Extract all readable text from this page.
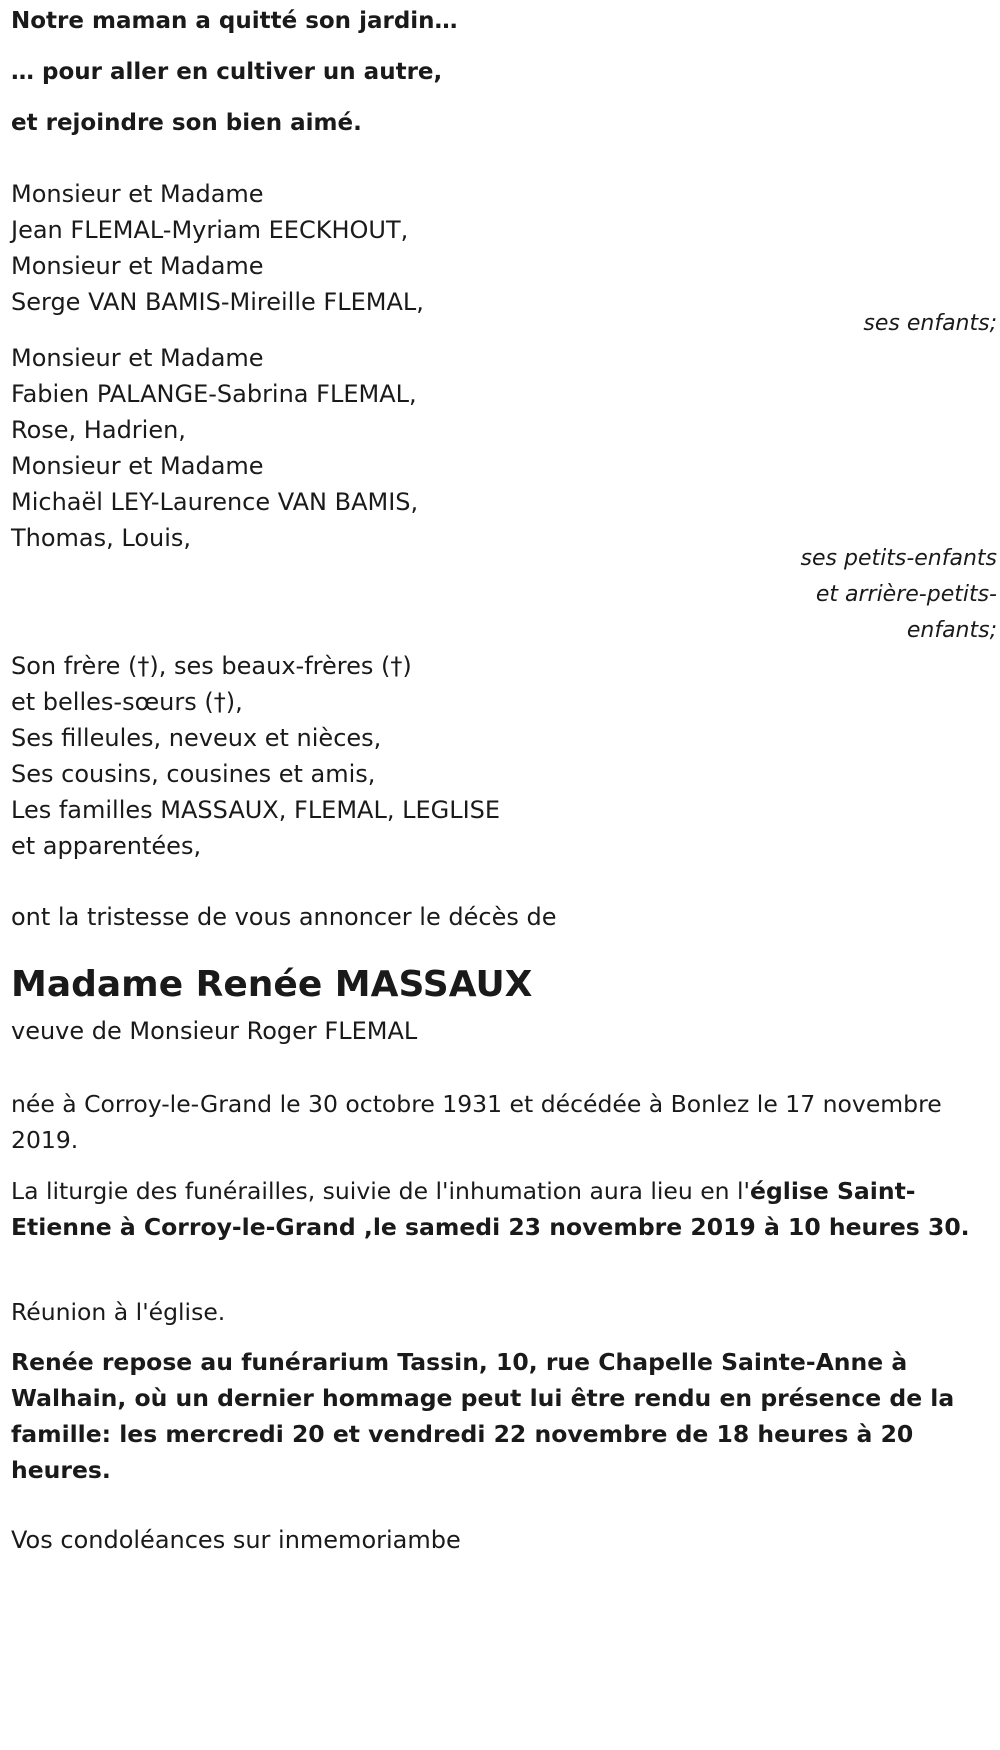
Notre maman a quitté son jardin…
… pour aller en cultiver un autre,
et rejoindre son bien aimé.
Monsieur et Madame
Jean FLEMAL-Myriam EECKHOUT,
Monsieur et Madame
Serge VAN BAMIS-Mireille FLEMAL,
ses enfants;
Monsieur et Madame
Fabien PALANGE-Sabrina FLEMAL,
Rose, Hadrien,
Monsieur et Madame
Michaël LEY-Laurence VAN BAMIS,
Thomas, Louis,
ses petits-enfants
et arrière-petits-
enfants;
Son frère (†), ses beaux-frères (†)
et belles-sœurs (†),
Ses filleules, neveux et nièces,
Ses cousins, cousines et amis,
Les familles MASSAUX, FLEMAL, LEGLISE
et apparentées,
ont la tristesse de vous annoncer le décès de
Madame Renée MASSAUX
veuve de Monsieur Roger FLEMAL
née à Corroy-le-Grand le 30 octobre 1931 et décédée à Bonlez le 17 novembre 2019.
La liturgie des funérailles, suivie de l'inhumation aura lieu en l'église Saint-Etienne à Corroy-le-Grand ,le samedi 23 novembre 2019 à 10 heures 30.
Réunion à l'église.
Renée repose au funérarium Tassin, 10, rue Chapelle Sainte-Anne à Walhain, où un dernier hommage peut lui être rendu en présence de la famille: les mercredi 20 et vendredi 22 novembre de 18 heures à 20 heures.
Vos condoléances sur inmemoriambe
